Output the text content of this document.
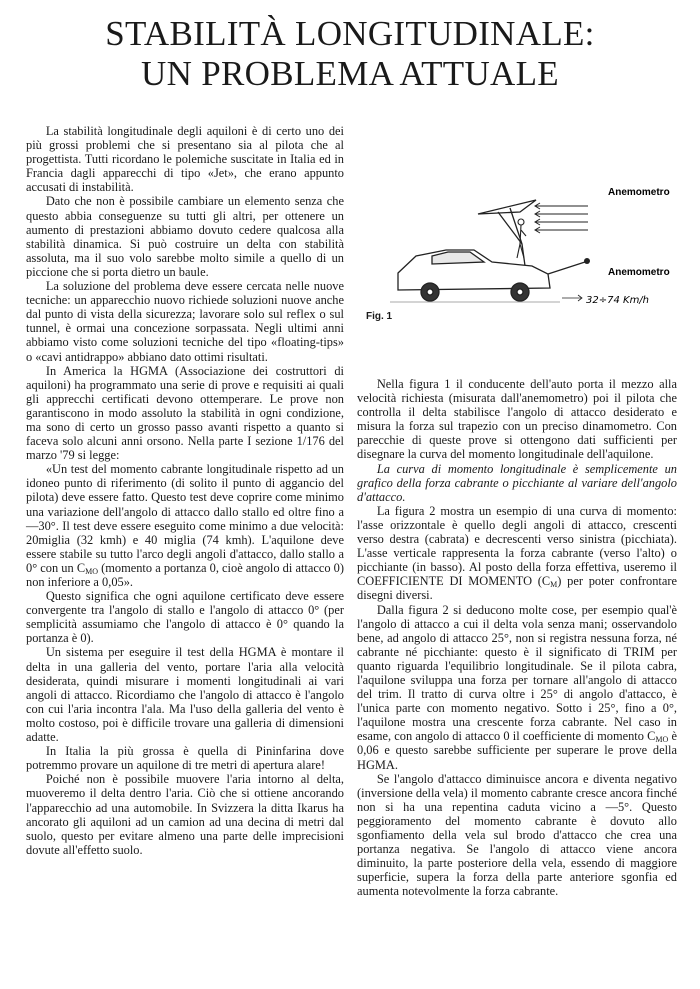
STABILITÀ LONGITUDINALE:
UN PROBLEMA ATTUALE

La stabilità longitudinale degli aquiloni è di certo uno dei più grossi problemi che si presentano sia al pilota che al progettista. Tutti ricordano le polemiche suscitate in Italia ed in Francia dagli apparecchi di tipo «Jet», che erano appunto accusati di instabilità.

Dato che non è possibile cambiare un elemento senza che questo abbia conseguenze su tutti gli altri, per ottenere un aumento di prestazioni abbiamo dovuto cedere qualcosa alla stabilità dinamica. Si può costruire un delta con stabilità assoluta, ma il suo volo sarebbe molto simile a quello di un piccione che si porta dietro un baule.

La soluzione del problema deve essere cercata nelle nuove tecniche: un apparecchio nuovo richiede soluzioni nuove anche dal punto di vista della sicurezza; lavorare solo sul reflex o sul tunnel, è ormai una concezione sorpassata. Negli ultimi anni abbiamo visto come soluzioni tecniche del tipo «floating-tips» o «cavi antidrappo» abbiano dato ottimi risultati.

In America la HGMA (Associazione dei costruttori di aquiloni) ha programmato una serie di prove e requisiti ai quali gli apprecchi certificati devono ottemperare. Le prove non garantiscono in modo assoluto la stabilità in ogni condizione, ma sono di certo un grosso passo avanti rispetto a quanto si faceva solo alcuni anni orsono. Nella parte I sezione 1/176 del marzo '79 si legge:

«Un test del momento cabrante longitudinale rispetto ad un idoneo punto di riferimento (di solito il punto di aggancio del pilota) deve essere fatto. Questo test deve coprire come minimo una variazione dell'angolo di attacco dallo stallo ed oltre fino a —30°. Il test deve essere eseguito come minimo a due velocità: 20miglia (32 kmh) e 40 miglia (74 kmh). L'aquilone deve essere stabile su tutto l'arco degli angoli d'attacco, dallo stallo a 0° con un $C_{MO}$ (momento a portanza 0, cioè angolo di attacco 0) non inferiore a 0,05».

Questo significa che ogni aquilone certificato deve essere convergente tra l'angolo di stallo e l'angolo di attacco 0° (per semplicità assumiamo che l'angolo di attacco è 0° quando la portanza è 0).

Un sistema per eseguire il test della HGMA è montare il delta in una galleria del vento, portare l'aria alla velocità desiderata, quindi misurare i momenti longitudinali ai vari angoli di attacco. Ricordiamo che l'angolo di attacco è l'angolo con cui l'aria incontra l'ala. Ma l'uso della galleria del vento è molto costoso, poi è difficile trovare una galleria di dimensioni adatte.

In Italia la più grossa è quella di Pininfarina dove potremmo provare un aquilone di tre metri di apertura alare!

Poiché non è possibile muovere l'aria intorno al delta, muoveremo il delta dentro l'aria. Ciò che si ottiene ancorando l'apparecchio ad una automobile. In Svizzera la ditta Ikarus ha ancorato gli aquiloni ad un camion ad una decina di metri dal suolo, questo per evitare almeno una parte delle imprecisioni dovute all'effetto suolo.

Anemometro
Anemometro
32÷74 Km/h
Fig. 1

Nella figura 1 il conducente dell'auto porta il mezzo alla velocità richiesta (misurata dall'anemometro) poi il pilota che controlla il delta stabilisce l'angolo di attacco desiderato e misura la forza sul trapezio con un preciso dinamometro. Con parecchie di queste prove si ottengono dati sufficienti per disegnare la curva del momento longitudinale dell'aquilone.

La curva di momento longitudinale è semplicemente un grafico della forza cabrante o picchiante al variare dell'angolo d'attacco.

La figura 2 mostra un esempio di una curva di momento: l'asse orizzontale è quello degli angoli di attacco, crescenti verso destra (cabrata) e decrescenti verso sinistra (picchiata). L'asse verticale rappresenta la forza cabrante (verso l'alto) o picchiante (in basso). Al posto della forza effettiva, useremo il COEFFICIENTE DI MOMENTO $(C_M)$ per poter confrontare disegni diversi.

Dalla figura 2 si deducono molte cose, per esempio qual'è l'angolo di attacco a cui il delta vola senza mani; osservandolo bene, ad angolo di attacco 25°, non si registra nessuna forza, né cabrante né picchiante: questo è il significato di TRIM per quanto riguarda l'equilibrio longitudinale. Se il pilota cabra, l'aquilone sviluppa una forza per tornare all'angolo di attacco del trim. Il tratto di curva oltre i 25° di angolo d'attacco, è l'unica parte con momento negativo. Sotto i 25°, fino a 0°, l'aquilone mostra una crescente forza cabrante. Nel caso in esame, con angolo di attacco 0 il coefficiente di momento $C_{MO}$ è 0,06 e questo sarebbe sufficiente per superare le prove della HGMA.

Se l'angolo d'attacco diminuisce ancora e diventa negativo (inversione della vela) il momento cabrante cresce ancora finché non si ha una repentina caduta vicino a —5°. Questo peggioramento del momento cabrante è dovuto allo sgonfiamento della vela sul brodo d'attacco che crea una portanza negativa. Se l'angolo di attacco viene ancora diminuito, la parte posteriore della vela, essendo di maggiore superficie, supera la forza della parte anteriore sgonfia ed aumenta notevolmente la forza cabrante.
